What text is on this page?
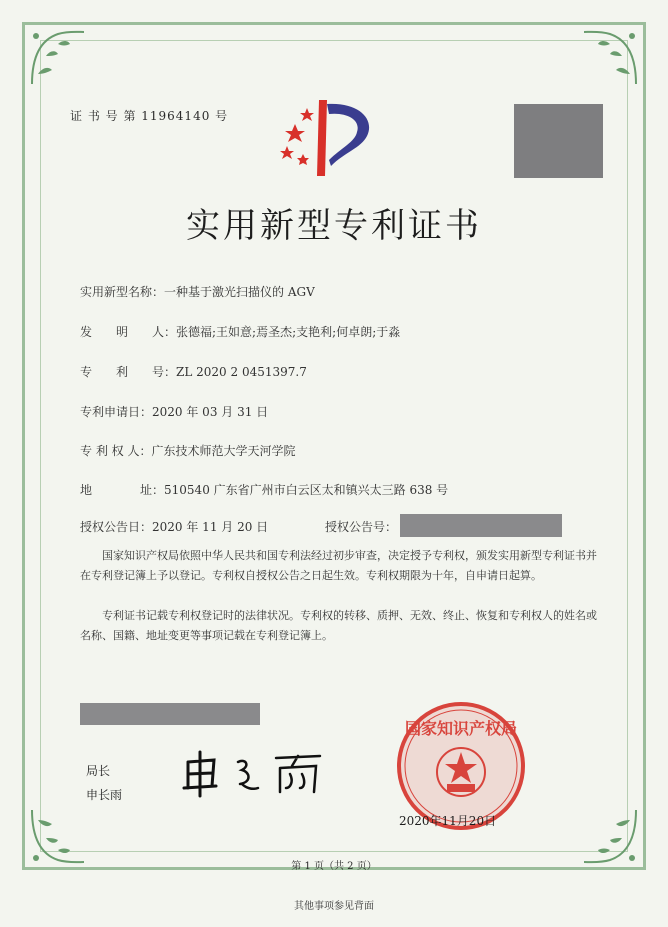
证 书 号 第 11964140 号
实用新型专利证书
实用新型名称：一种基于激光扫描仪的 AGV
发　　明　　人：张德福;王如意;焉圣杰;支艳利;何卓朗;于淼
专　　利　　号：ZL 2020 2 0451397.7
专利申请日：2020 年 03 月 31 日
专 利 权 人：广东技术师范大学天河学院
地　　　　址：510540 广东省广州市白云区太和镇兴太三路 638 号
授权公告日：2020 年 11 月 20 日	授权公告号：
国家知识产权局依照中华人民共和国专利法经过初步审查，决定授予专利权，颁发实用新型专利证书并在专利登记簿上予以登记。专利权自授权公告之日起生效。专利权期限为十年，自申请日起算。
专利证书记载专利权登记时的法律状况。专利权的转移、质押、无效、终止、恢复和专利权人的姓名或名称、国籍、地址变更等事项记载在专利登记簿上。
局长
申长雨
国家知识产权局
2020年11月20日
第 1 页（共 2 页）
其他事项参见背面
